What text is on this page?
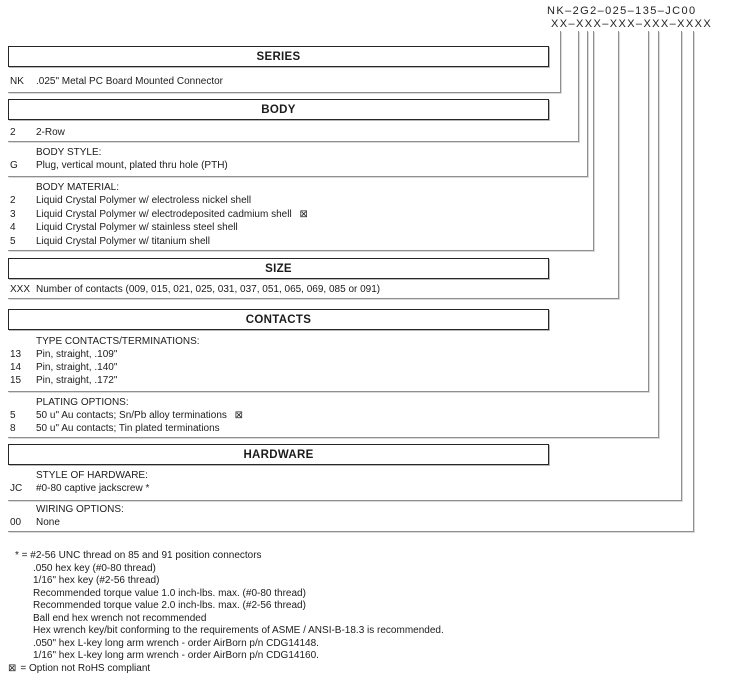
NK–2G2–025–135–JC00
XX–XXX–XXX–XXX–XXXX
SERIES
NK .025" Metal PC Board Mounted Connector
BODY
2 2-Row
BODY STYLE:
G Plug, vertical mount, plated thru hole (PTH)
BODY MATERIAL:
2 Liquid Crystal Polymer w/ electroless nickel shell
3 Liquid Crystal Polymer w/ electrodeposited cadmium shell ⊠
4 Liquid Crystal Polymer w/ stainless steel shell
5 Liquid Crystal Polymer w/ titanium shell
SIZE
XXX Number of contacts (009, 015, 021, 025, 031, 037, 051, 065, 069, 085 or 091)
CONTACTS
TYPE CONTACTS/TERMINATIONS:
13 Pin, straight, .109"
14 Pin, straight, .140"
15 Pin, straight, .172"
PLATING OPTIONS:
5 50 u" Au contacts; Sn/Pb alloy terminations ⊠
8 50 u" Au contacts; Tin plated terminations
HARDWARE
STYLE OF HARDWARE:
JC #0-80 captive jackscrew *
WIRING OPTIONS:
00 None
* = #2-56 UNC thread on 85 and 91 position connectors
.050 hex key (#0-80 thread)
1/16" hex key (#2-56 thread)
Recommended torque value 1.0 inch-lbs. max. (#0-80 thread)
Recommended torque value 2.0 inch-lbs. max. (#2-56 thread)
Ball end hex wrench not recommended
Hex wrench key/bit conforming to the requirements of ASME / ANSI-B-18.3 is recommended.
.050" hex L-key long arm wrench - order AirBorn p/n CDG14148.
1/16" hex L-key long arm wrench - order AirBorn p/n CDG14160.
⊠ = Option not RoHS compliant
